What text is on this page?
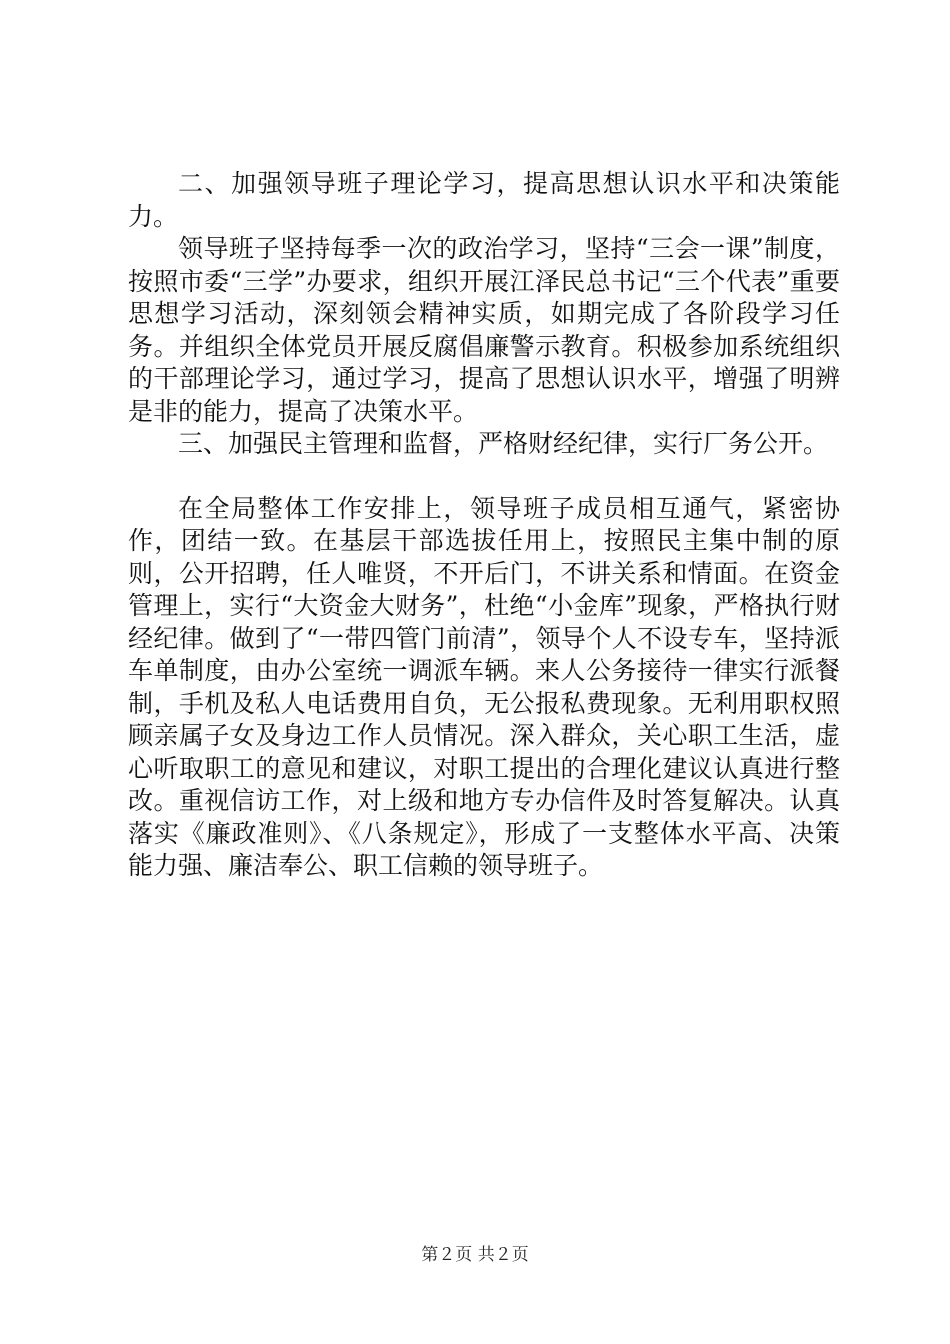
二、加强领导班子理论学习，提高思想认识水平和决策能力。

领导班子坚持每季一次的政治学习，坚持“三会一课”制度，按照市委“三学”办要求，组织开展江泽民总书记“三个代表”重要思想学习活动，深刻领会精神实质，如期完成了各阶段学习任务。并组织全体党员开展反腐倡廉警示教育。积极参加系统组织的干部理论学习，通过学习，提高了思想认识水平，增强了明辨是非的能力，提高了决策水平。

三、加强民主管理和监督，严格财经纪律，实行厂务公开。

在全局整体工作安排上，领导班子成员相互通气，紧密协作，团结一致。在基层干部选拔任用上，按照民主集中制的原则，公开招聘，任人唯贤，不开后门，不讲关系和情面。在资金管理上，实行“大资金大财务”，杜绝“小金库”现象，严格执行财经纪律。做到了“一带四管门前清”，领导个人不设专车，坚持派车单制度，由办公室统一调派车辆。来人公务接待一律实行派餐制，手机及私人电话费用自负，无公报私费现象。无利用职权照顾亲属子女及身边工作人员情况。深入群众，关心职工生活，虚心听取职工的意见和建议，对职工提出的合理化建议认真进行整改。重视信访工作，对上级和地方专办信件及时答复解决。认真落实《廉政准则》、《八条规定》，形成了一支整体水平高、决策能力强、廉洁奉公、职工信赖的领导班子。

第２页 共２页
